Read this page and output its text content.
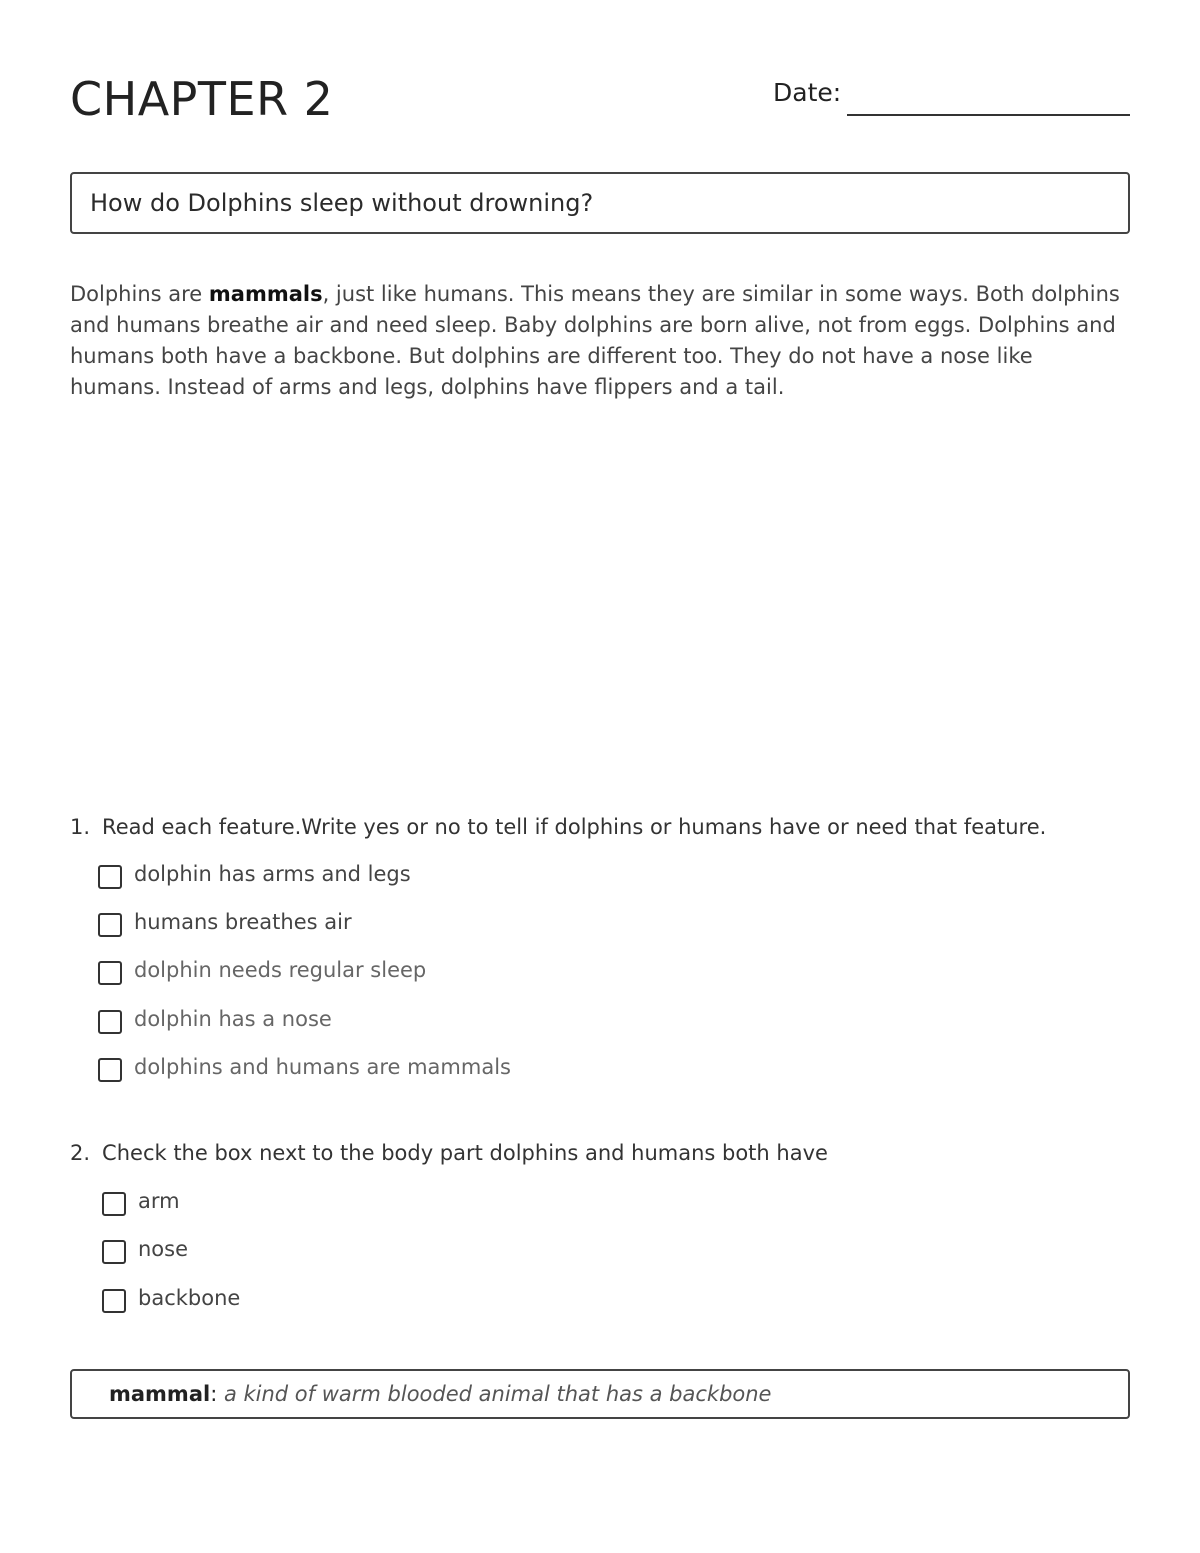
CHAPTER 2	Date:
How do Dolphins sleep without drowning?

Dolphins are mammals, just like humans. This means they are similar in some ways. Both dolphins and humans breathe air and need sleep. Baby dolphins are born alive, not from eggs. Dolphins and humans both have a backbone. But dolphins are different too. They do not have a nose like humans. Instead of arms and legs, dolphins have flippers and a tail.

1. Read each feature.Write yes or no to tell if dolphins or humans have or need that feature.
dolphin has arms and legs
humans breathes air
dolphin needs regular sleep
dolphin has a nose
dolphins and humans are mammals
2. Check the box next to the body part dolphins and humans both have
arm
nose
backbone
mammal: a kind of warm blooded animal that has a backbone
